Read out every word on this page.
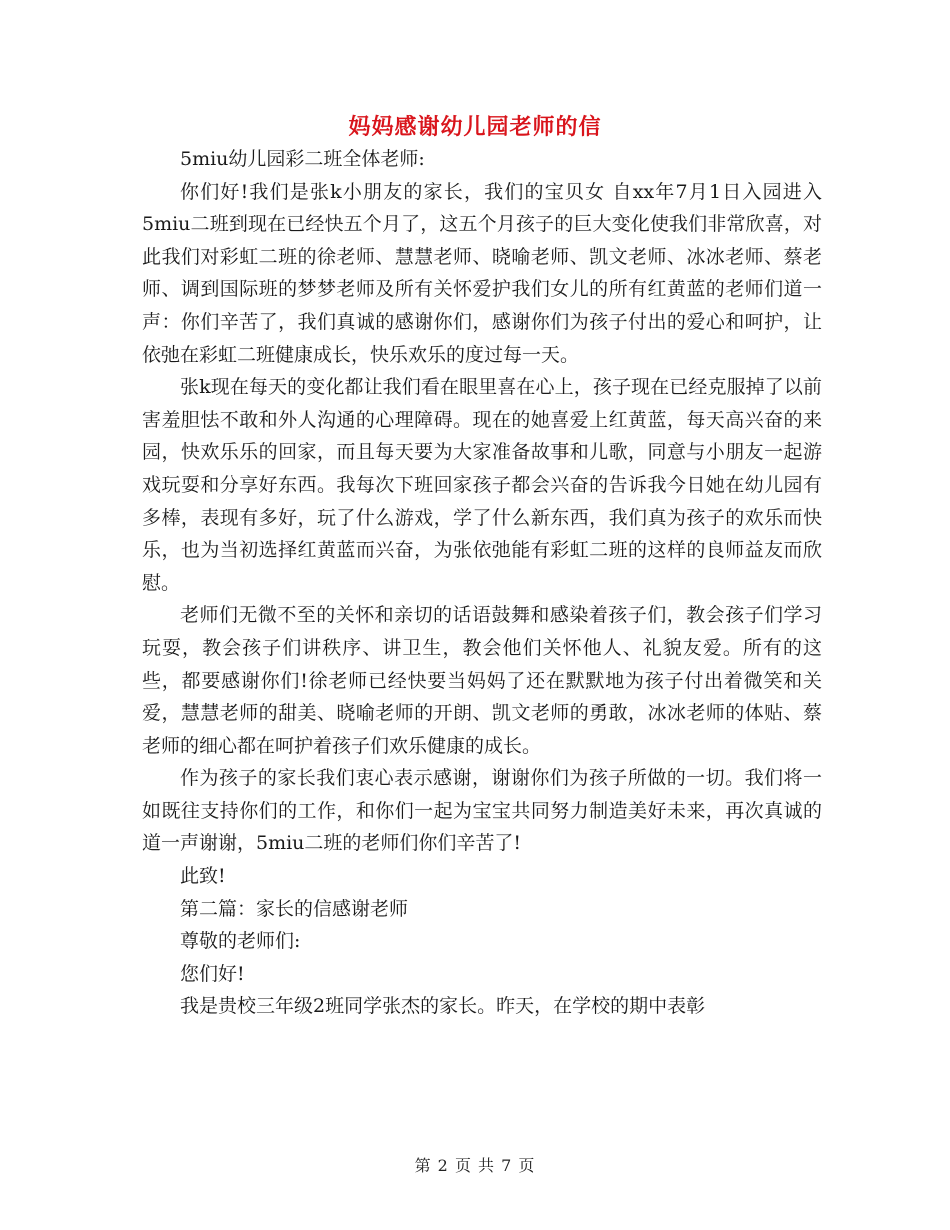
妈妈感谢幼儿园老师的信

5miu幼儿园彩二班全体老师:

你们好!我们是张k小朋友的家长，我们的宝贝女 自xx年7月1日入园进入5miu二班到现在已经快五个月了，这五个月孩子的巨大变化使我们非常欣喜，对此我们对彩虹二班的徐老师、慧慧老师、晓喻老师、凯文老师、冰冰老师、蔡老师、调到国际班的梦梦老师及所有关怀爱护我们女儿的所有红黄蓝的老师们道一声：你们辛苦了，我们真诚的感谢你们，感谢你们为孩子付出的爱心和呵护，让依弛在彩虹二班健康成长，快乐欢乐的度过每一天。

张k现在每天的变化都让我们看在眼里喜在心上，孩子现在已经克服掉了以前害羞胆怯不敢和外人沟通的心理障碍。现在的她喜爱上红黄蓝，每天高兴奋的来园，快欢乐乐的回家，而且每天要为大家准备故事和儿歌，同意与小朋友一起游戏玩耍和分享好东西。我每次下班回家孩子都会兴奋的告诉我今日她在幼儿园有多棒，表现有多好，玩了什么游戏，学了什么新东西，我们真为孩子的欢乐而快乐，也为当初选择红黄蓝而兴奋，为张依弛能有彩虹二班的这样的良师益友而欣慰。

老师们无微不至的关怀和亲切的话语鼓舞和感染着孩子们，教会孩子们学习玩耍，教会孩子们讲秩序、讲卫生，教会他们关怀他人、礼貌友爱。所有的这些，都要感谢你们!徐老师已经快要当妈妈了还在默默地为孩子付出着微笑和关爱，慧慧老师的甜美、晓喻老师的开朗、凯文老师的勇敢，冰冰老师的体贴、蔡老师的细心都在呵护着孩子们欢乐健康的成长。

作为孩子的家长我们衷心表示感谢，谢谢你们为孩子所做的一切。我们将一如既往支持你们的工作，和你们一起为宝宝共同努力制造美好未来，再次真诚的道一声谢谢，5miu二班的老师们你们辛苦了!

此致!

第二篇：家长的信感谢老师

尊敬的老师们:

您们好!

我是贵校三年级2班同学张杰的家长。昨天，在学校的期中表彰

第 2 页 共 7 页
